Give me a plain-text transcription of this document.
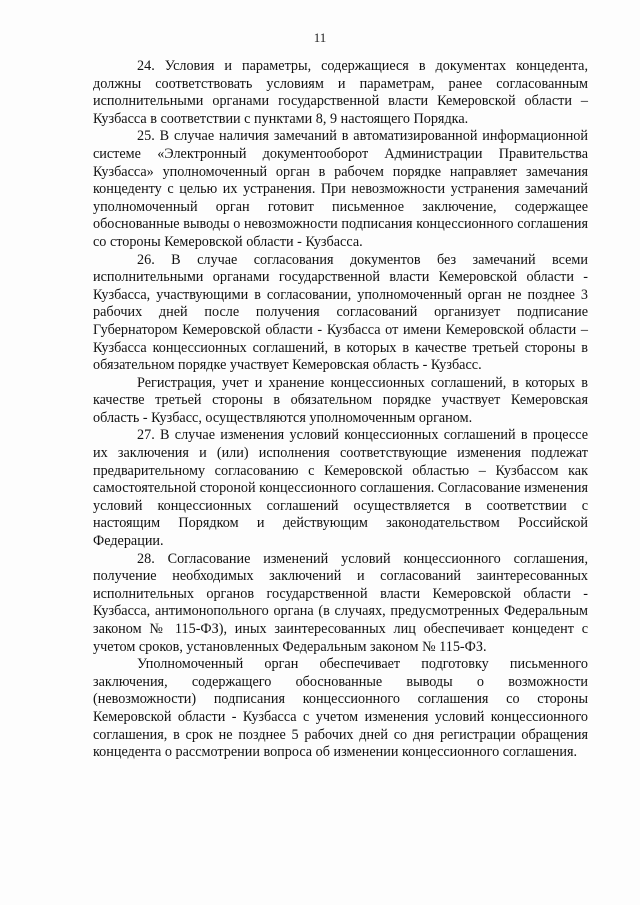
11

24. Условия и параметры, содержащиеся в документах концедента, должны соответствовать условиям и параметрам, ранее согласованным исполнительными органами государственной власти Кемеровской области – Кузбасса в соответствии с пунктами 8, 9 настоящего Порядка.

25. В случае наличия замечаний в автоматизированной информационной системе «Электронный документооборот Администрации Правительства Кузбасса» уполномоченный орган в рабочем порядке направляет замечания концеденту с целью их устранения. При невозможности устранения замечаний уполномоченный орган готовит письменное заключение, содержащее обоснованные выводы о невозможности подписания концессионного соглашения со стороны Кемеровской области - Кузбасса.

26. В случае согласования документов без замечаний всеми исполнительными органами государственной власти Кемеровской области - Кузбасса, участвующими в согласовании, уполномоченный орган не позднее 3 рабочих дней после получения согласований организует подписание Губернатором Кемеровской области - Кузбасса от имени Кемеровской области – Кузбасса концессионных соглашений, в которых в качестве третьей стороны в обязательном порядке участвует Кемеровская область - Кузбасс.

Регистрация, учет и хранение концессионных соглашений, в которых в качестве третьей стороны в обязательном порядке участвует Кемеровская область - Кузбасс, осуществляются уполномоченным органом.

27. В случае изменения условий концессионных соглашений в процессе их заключения и (или) исполнения соответствующие изменения подлежат предварительному согласованию с Кемеровской областью – Кузбассом как самостоятельной стороной концессионного соглашения. Согласование изменения условий концессионных соглашений осуществляется в соответствии с настоящим Порядком и действующим законодательством Российской Федерации.

28. Согласование изменений условий концессионного соглашения, получение необходимых заключений и согласований заинтересованных исполнительных органов государственной власти Кемеровской области - Кузбасса, антимонопольного органа (в случаях, предусмотренных Федеральным законом № 115-ФЗ), иных заинтересованных лиц обеспечивает концедент с учетом сроков, установленных Федеральным законом № 115-ФЗ.

Уполномоченный орган обеспечивает подготовку письменного заключения, содержащего обоснованные выводы о возможности (невозможности) подписания концессионного соглашения со стороны Кемеровской области - Кузбасса с учетом изменения условий концессионного соглашения, в срок не позднее 5 рабочих дней со дня регистрации обращения концедента о рассмотрении вопроса об изменении концессионного соглашения.
